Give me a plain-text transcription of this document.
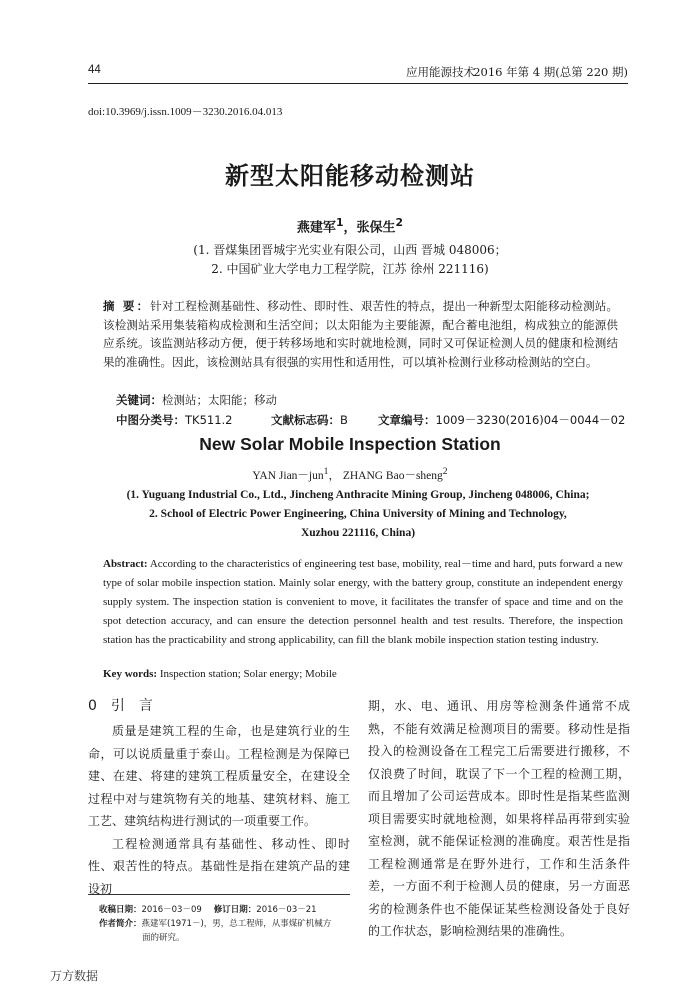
44	应用能源技术
2016 年第 4 期(总第 220 期)
doi:10.3969/j.issn.1009－3230.2016.04.013
新型太阳能移动检测站
燕建军$^1$，张保生$^2$
(1. 晋煤集团晋城宇光实业有限公司，山西 晋城 048006；
2. 中国矿业大学电力工程学院，江苏 徐州 221116)
摘 要：针对工程检测基础性、移动性、即时性、艰苦性的特点，提出一种新型太阳能移动检测站。该检测站采用集装箱构成检测和生活空间；以太阳能为主要能源，配合蓄电池组，构成独立的能源供应系统。该监测站移动方便，便于转移场地和实时就地检测，同时又可保证检测人员的健康和检测结果的准确性。因此，该检测站具有很强的实用性和适用性，可以填补检测行业移动检测站的空白。
关键词：检测站；太阳能；移动
中图分类号：TK511.2	文献标志码：B	文章编号：1009－3230(2016)04－0044－02
New Solar Mobile Inspection Station
YAN Jian－jun$^1$， ZHANG Bao－sheng$^2$
(1. Yuguang Industrial Co., Ltd., Jincheng Anthracite Mining Group, Jincheng 048006, China;
2. School of Electric Power Engineering, China University of Mining and Technology,
Xuzhou 221116, China)
Abstract: According to the characteristics of engineering test base, mobility, real－time and hard, puts forward a new type of solar mobile inspection station. Mainly solar energy, with the battery group, constitute an independent energy supply system. The inspection station is convenient to move, it facilitates the transfer of space and time and on the spot detection accuracy, and can ensure the detection personnel health and test results. Therefore, the inspection station has the practicability and strong applicability, can fill the blank mobile inspection station testing industry.
Key words: Inspection station; Solar energy; Mobile
0 引言

质量是建筑工程的生命，也是建筑行业的生命，可以说质量重于泰山。工程检测是为保障已建、在建、将建的建筑工程质量安全，在建设全过程中对与建筑物有关的地基、建筑材料、施工工艺、建筑结构进行测试的一项重要工作。

工程检测通常具有基础性、移动性、即时性、艰苦性的特点。基础性是指在建筑产品的建设初

期，水、电、通讯、用房等检测条件通常不成熟，不能有效满足检测项目的需要。移动性是指投入的检测设备在工程完工后需要进行搬移，不仅浪费了时间，耽误了下一个工程的检测工期，而且增加了公司运营成本。即时性是指某些监测项目需要实时就地检测，如果将样品再带到实验室检测，就不能保证检测的准确度。艰苦性是指工程检测通常是在野外进行，工作和生活条件差，一方面不利于检测人员的健康，另一方面恶劣的检测条件也不能保证某些检测设备处于良好的工作状态，影响检测结果的准确性。

收稿日期：2016－03－09 修订日期：2016－03－21
作者简介：燕建军(1971－)，男，总工程师，从事煤矿机械方
面的研究。
万方数据
